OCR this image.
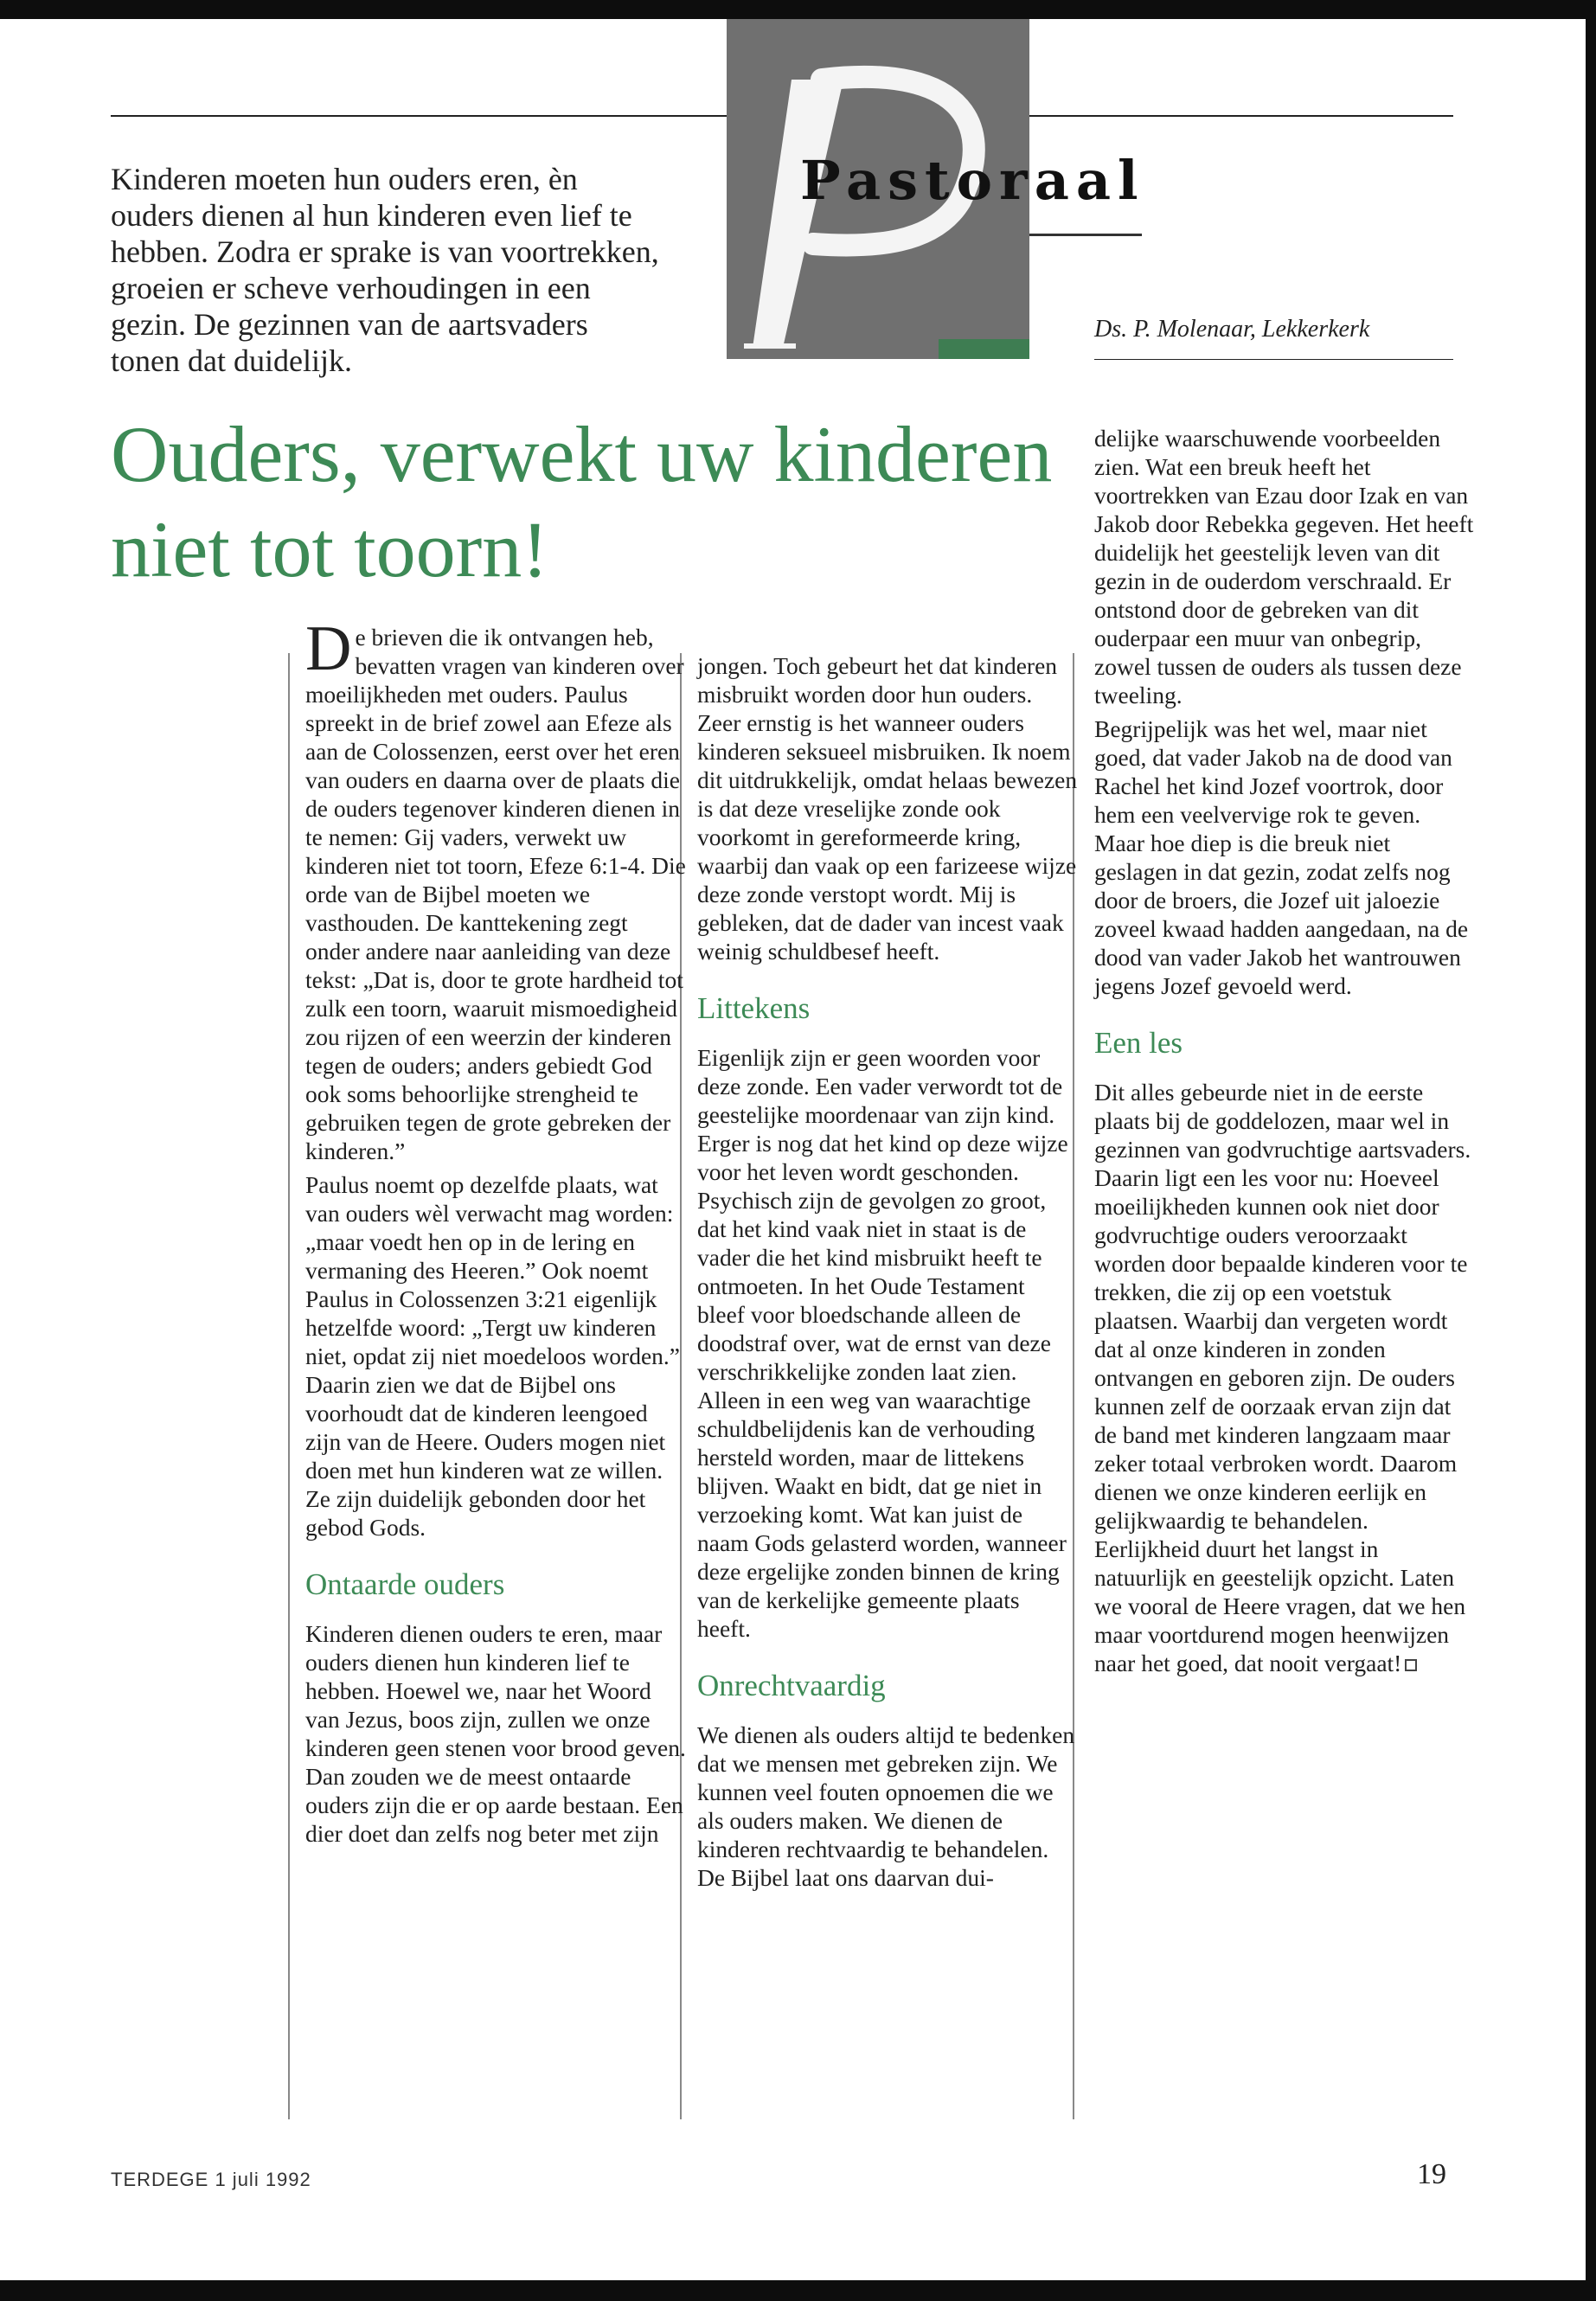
Pastoraal

Kinderen moeten hun ouders eren, èn ouders dienen al hun kinderen even lief te hebben. Zodra er sprake is van voortrekken, groeien er scheve verhoudingen in een gezin. De gezinnen van de aartsvaders tonen dat duidelijk.

Ds. P. Molenaar, Lekkerkerk

Ouders, verwekt uw kinderen niet tot toorn!

De brieven die ik ontvangen heb, bevatten vragen van kinderen over moeilijkheden met ouders. Paulus spreekt in de brief zowel aan Efeze als aan de Colossenzen, eerst over het eren van ouders en daarna over de plaats die de ouders tegenover kinderen dienen in te nemen: Gij vaders, verwekt uw kinderen niet tot toorn, Efeze 6:1-4. Die orde van de Bijbel moeten we vasthouden. De kanttekening zegt onder andere naar aanleiding van deze tekst: „Dat is, door te grote hardheid tot zulk een toorn, waaruit mismoedigheid zou rijzen of een weerzin der kinderen tegen de ouders; anders gebiedt God ook soms behoorlijke strengheid te gebruiken tegen de grote gebreken der kinderen.”

Paulus noemt op dezelfde plaats, wat van ouders wèl verwacht mag worden: „maar voedt hen op in de lering en vermaning des Heeren.” Ook noemt Paulus in Colossenzen 3:21 eigenlijk hetzelfde woord: „Tergt uw kinderen niet, opdat zij niet moedeloos worden.” Daarin zien we dat de Bijbel ons voorhoudt dat de kinderen leengoed zijn van de Heere. Ouders mogen niet doen met hun kinderen wat ze willen. Ze zijn duidelijk gebonden door het gebod Gods.

Ontaarde ouders

Kinderen dienen ouders te eren, maar ouders dienen hun kinderen lief te hebben. Hoewel we, naar het Woord van Jezus, boos zijn, zullen we onze kinderen geen stenen voor brood geven. Dan zouden we de meest ontaarde ouders zijn die er op aarde bestaan. Een dier doet dan zelfs nog beter met zijn

jongen. Toch gebeurt het dat kinderen misbruikt worden door hun ouders. Zeer ernstig is het wanneer ouders kinderen seksueel misbruiken. Ik noem dit uitdrukkelijk, omdat helaas bewezen is dat deze vreselijke zonde ook voorkomt in gereformeerde kring, waarbij dan vaak op een farizeese wijze deze zonde verstopt wordt. Mij is gebleken, dat de dader van incest vaak weinig schuldbesef heeft.

Littekens

Eigenlijk zijn er geen woorden voor deze zonde. Een vader verwordt tot de geestelijke moordenaar van zijn kind. Erger is nog dat het kind op deze wijze voor het leven wordt geschonden. Psychisch zijn de gevolgen zo groot, dat het kind vaak niet in staat is de vader die het kind misbruikt heeft te ontmoeten. In het Oude Testament bleef voor bloedschande alleen de doodstraf over, wat de ernst van deze verschrikkelijke zonden laat zien. Alleen in een weg van waarachtige schuldbelijdenis kan de verhouding hersteld worden, maar de littekens blijven. Waakt en bidt, dat ge niet in verzoeking komt. Wat kan juist de naam Gods gelasterd worden, wanneer deze ergelijke zonden binnen de kring van de kerkelijke gemeente plaats heeft.

Onrechtvaardig

We dienen als ouders altijd te bedenken dat we mensen met gebreken zijn. We kunnen veel fouten opnoemen die we als ouders maken. We dienen de kinderen rechtvaardig te behandelen. De Bijbel laat ons daarvan dui-

delijke waarschuwende voorbeelden zien. Wat een breuk heeft het voortrekken van Ezau door Izak en van Jakob door Rebekka gegeven. Het heeft duidelijk het geestelijk leven van dit gezin in de ouderdom verschraald. Er ontstond door de gebreken van dit ouderpaar een muur van onbegrip, zowel tussen de ouders als tussen deze tweeling.

Begrijpelijk was het wel, maar niet goed, dat vader Jakob na de dood van Rachel het kind Jozef voortrok, door hem een veelvervige rok te geven. Maar hoe diep is die breuk niet geslagen in dat gezin, zodat zelfs nog door de broers, die Jozef uit jaloezie zoveel kwaad hadden aangedaan, na de dood van vader Jakob het wantrouwen jegens Jozef gevoeld werd.

Een les

Dit alles gebeurde niet in de eerste plaats bij de goddelozen, maar wel in gezinnen van godvruchtige aartsvaders. Daarin ligt een les voor nu: Hoeveel moeilijkheden kunnen ook niet door godvruchtige ouders veroorzaakt worden door bepaalde kinderen voor te trekken, die zij op een voetstuk plaatsen. Waarbij dan vergeten wordt dat al onze kinderen in zonden ontvangen en geboren zijn. De ouders kunnen zelf de oorzaak ervan zijn dat de band met kinderen langzaam maar zeker totaal verbroken wordt. Daarom dienen we onze kinderen eerlijk en gelijkwaardig te behandelen. Eerlijkheid duurt het langst in natuurlijk en geestelijk opzicht. Laten we vooral de Heere vragen, dat we hen maar voortdurend mogen heenwijzen naar het goed, dat nooit vergaat!

TERDEGE 1 juli 1992	19
